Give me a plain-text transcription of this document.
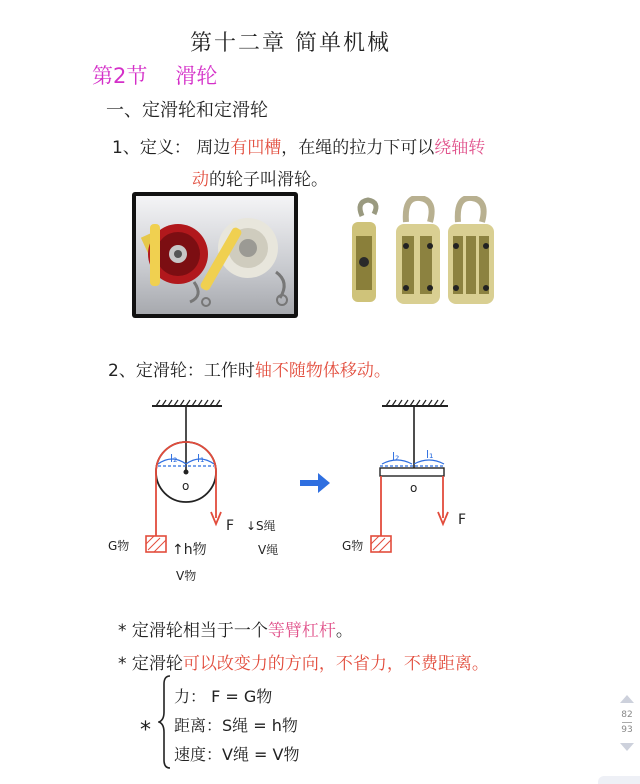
第十二章 简单机械
第2节 滑轮
一、定滑轮和定滑轮
1、定义： 周边有凹槽，在绳的拉力下可以绕轴转
动的轮子叫滑轮。
2、定滑轮：工作时轴不随物体移动。
l₂ l₁
o
F ↓S绳
V绳
G物	↑h物
V物
l₂ l₁
o
F
G物
* 定滑轮相当于一个等臂杠杆。
* 定滑轮可以改变力的方向，不省力，不费距离。
*
力： F = G物
距离：S绳 = h物
速度：V绳 = V物
82
93
